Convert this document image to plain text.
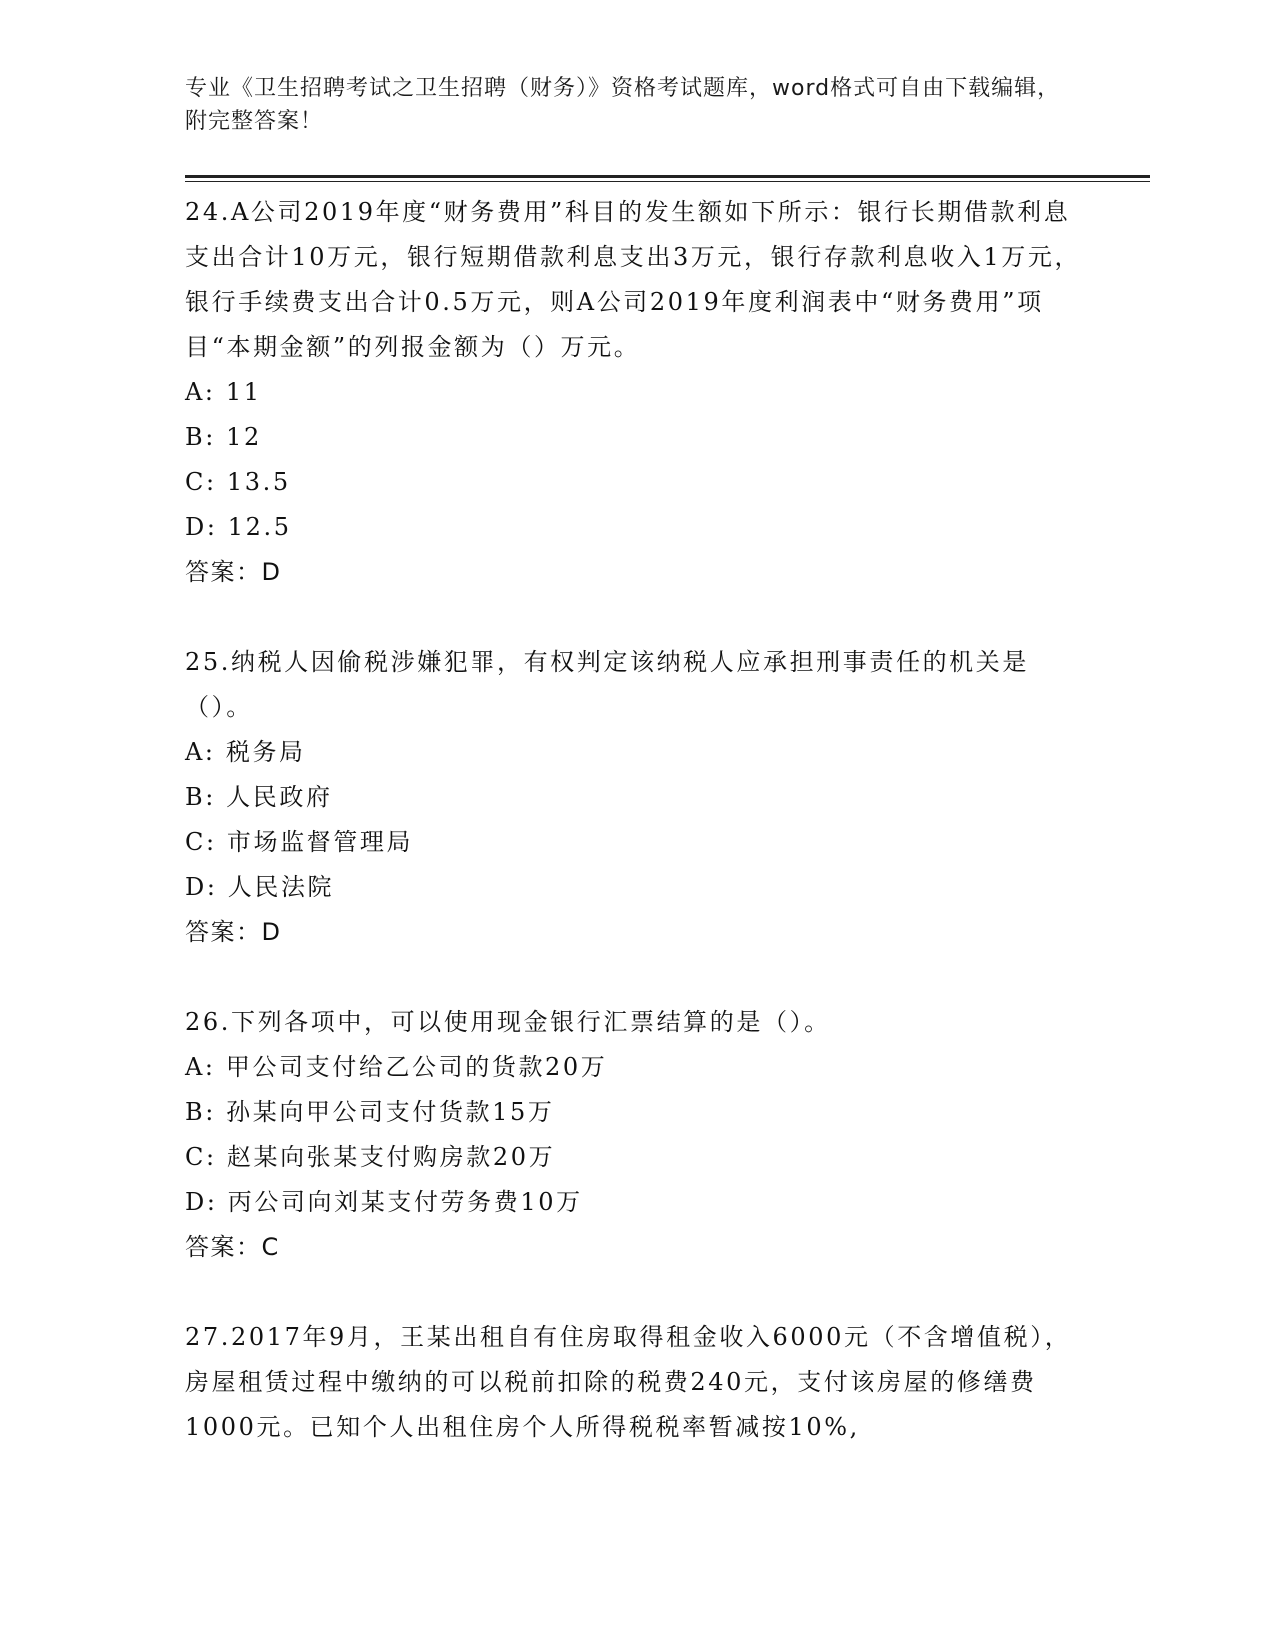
专业《卫生招聘考试之卫生招聘（财务）》资格考试题库，word格式可自由下载编辑，附完整答案！

24.A公司2019年度“财务费用”科目的发生额如下所示：银行长期借款利息支出合计10万元，银行短期借款利息支出3万元，银行存款利息收入1万元，银行手续费支出合计0.5万元，则A公司2019年度利润表中“财务费用”项目“本期金额”的列报金额为（）万元。

A: 11

B: 12

C: 13.5

D: 12.5

答案：D

25.纳税人因偷税涉嫌犯罪，有权判定该纳税人应承担刑事责任的机关是（）。

A: 税务局

B: 人民政府

C: 市场监督管理局

D: 人民法院

答案：D

26.下列各项中，可以使用现金银行汇票结算的是（）。

A: 甲公司支付给乙公司的货款20万

B: 孙某向甲公司支付货款15万

C: 赵某向张某支付购房款20万

D: 丙公司向刘某支付劳务费10万

答案：C

27.2017年9月，王某出租自有住房取得租金收入6000元（不含增值税），房屋租赁过程中缴纳的可以税前扣除的税费240元，支付该房屋的修缮费1000元。已知个人出租住房个人所得税税率暂减按10%,
